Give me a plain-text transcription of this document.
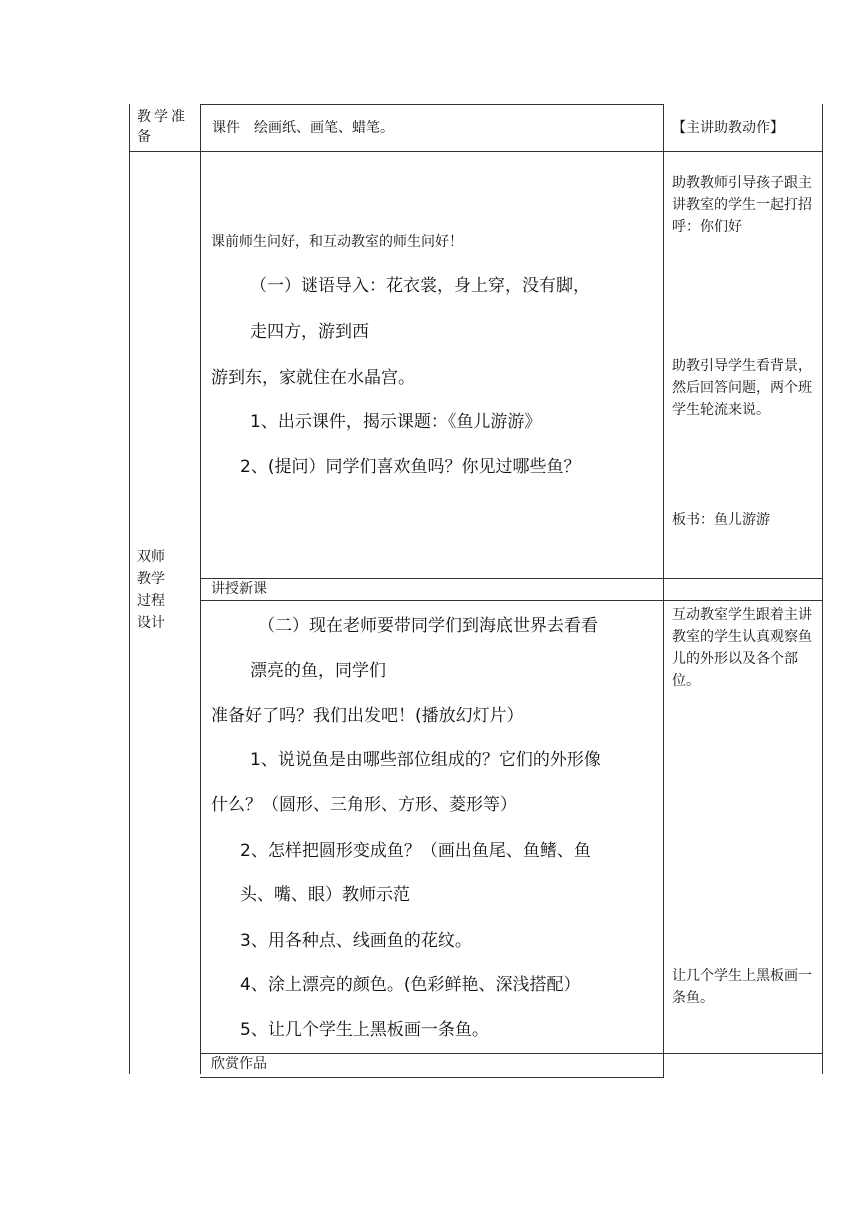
教学准备
课件　绘画纸、画笔、蜡笔。	【主讲助教动作】
双师
教学
过程
设计
课前师生问好，和互动教室的师生问好！
（一）谜语导入：花衣裳，身上穿，没有脚，
走四方，游到西
游到东，家就住在水晶宫。
1、出示课件，揭示课题：《鱼儿游游》
2、(提问）同学们喜欢鱼吗？你见过哪些鱼？
助教教师引导孩子跟主讲教室的学生一起打招呼：你们好
助教引导学生看背景，然后回答问题，两个班学生轮流来说。
板书：鱼儿游游
讲授新课
（二）现在老师要带同学们到海底世界去看看
漂亮的鱼，同学们
准备好了吗？我们出发吧！(播放幻灯片）
1、说说鱼是由哪些部位组成的？它们的外形像
什么？（圆形、三角形、方形、菱形等）
2、怎样把圆形变成鱼？（画出鱼尾、鱼鳍、鱼
头、嘴、眼）教师示范
3、用各种点、线画鱼的花纹。
4、涂上漂亮的颜色。(色彩鲜艳、深浅搭配）
5、让几个学生上黑板画一条鱼。
互动教室学生跟着主讲教室的学生认真观察鱼儿的外形以及各个部位。
让几个学生上黑板画一条鱼。
欣赏作品
